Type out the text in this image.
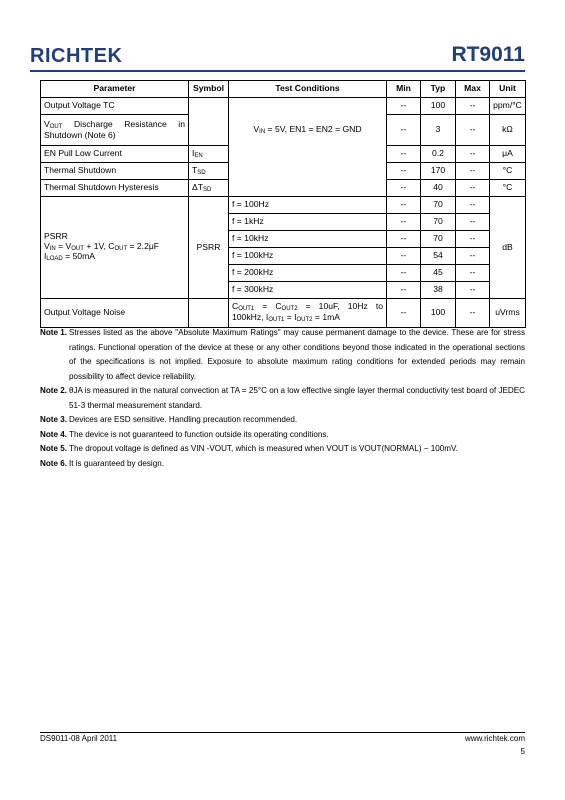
RICHTEK	RT9011
Parameter	Symbol	Test Conditions	Min	Typ	Max	Unit
Output Voltage TC			--	100	--	ppm/°C

$V_{OUT}$ Discharge Resistance in
Shutdown (Note 6)		$V_{IN} = 5V$, EN1 = EN2 = GND	--	3	--	kΩ
EN Pull Low Current	$I_{EN}$		--	0.2	--	μA
Thermal Shutdown	$T_{SD}$		--	170	--	°C
Thermal Shutdown Hysteresis	$\Delta T_{SD}$		--	40	--	°C

PSRR
$V_{IN} = V_{OUT} + 1V$, $C_{OUT} = 2.2\mu F$
$I_{LOAD} = 50mA$	PSRR	f = 100Hz	--	70	--	dB
		f = 1kHz	--	70	--	
		f = 10kHz	--	70	--	
		f = 100kHz	--	54	--	
		f = 200kHz	--	45	--	
		f = 300kHz	--	38	--	
Output Voltage Noise		$C_{OUT1} = C_{OUT2} = 10uF$, 10Hz to
100kHz, $I_{OUT1} = I_{OUT2} = 1mA$	--	100	--	uVrms
Note 1. Stresses listed as the above "Absolute Maximum Ratings" may cause permanent damage to the device. These are for stress ratings. Functional operation of the device at these or any other conditions beyond those indicated in the operational sections of the specifications is not implied. Exposure to absolute maximum rating conditions for extended periods may remain possibility to affect device reliability.
Note 2. θJA is measured in the natural convection at TA = 25°C on a low effective single layer thermal conductivity test board of JEDEC 51-3 thermal measurement standard.
Note 3. Devices are ESD sensitive. Handling precaution recommended.
Note 4. The device is not guaranteed to function outside its operating conditions.
Note 5. The dropout voltage is defined as VIN -VOUT, which is measured when VOUT is VOUT(NORMAL) − 100mV.
Note 6. It is guaranteed by design.
DS9011-08 April 2011	www.richtek.com
5
